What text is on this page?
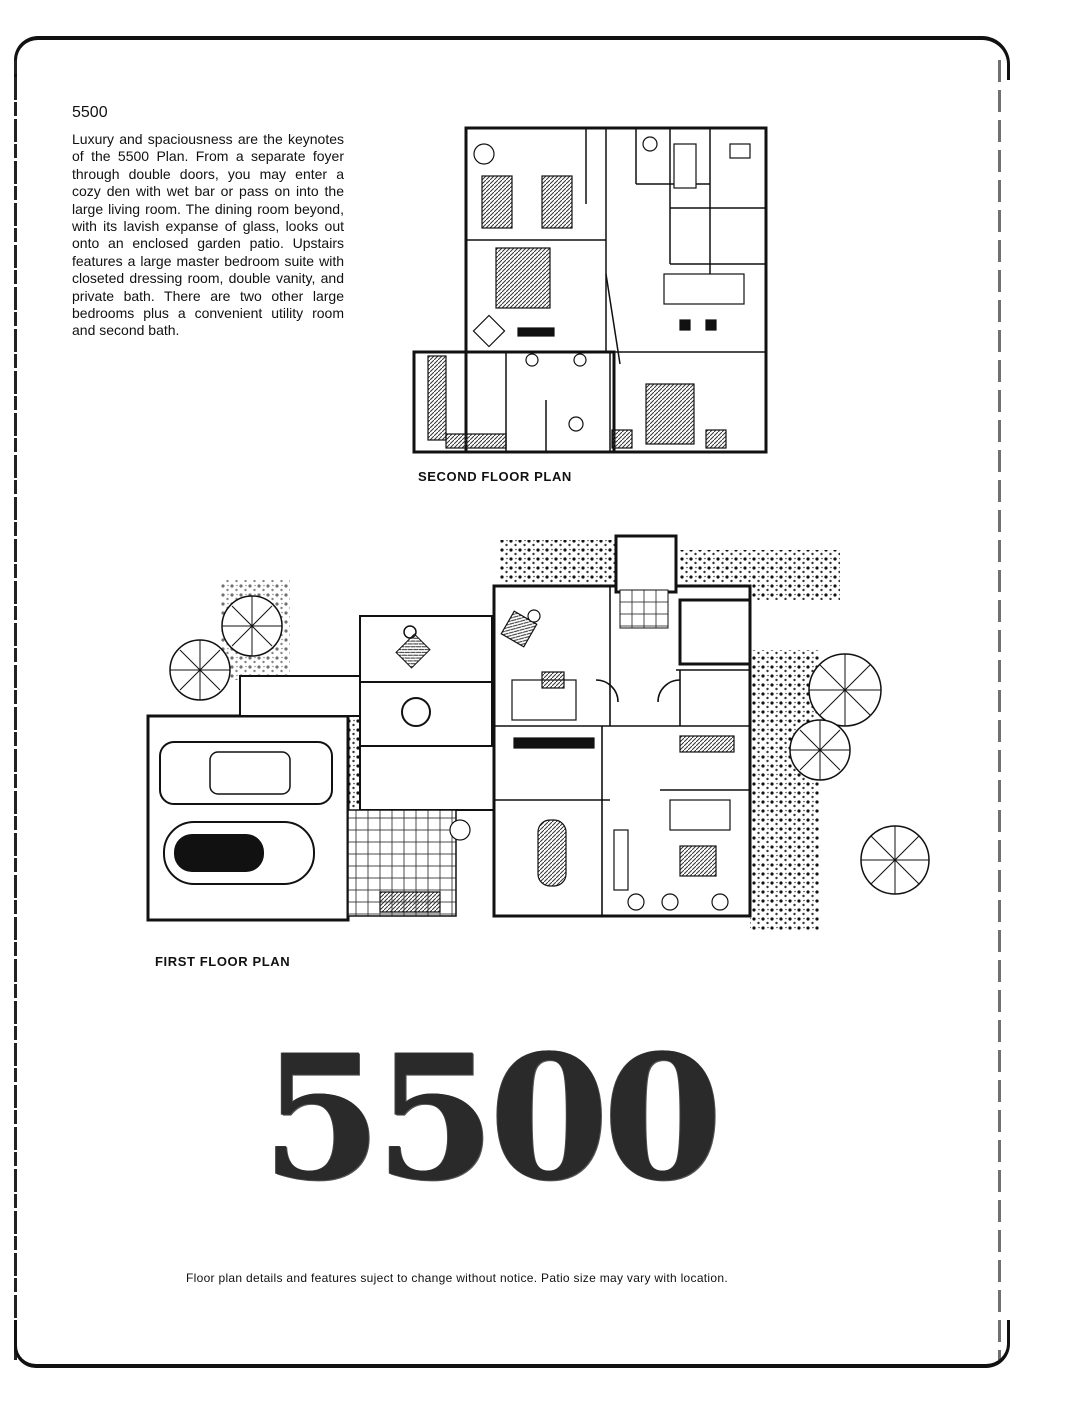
5500
Luxury and spaciousness are the keynotes of the 5500 Plan. From a separate foyer through double doors, you may enter a cozy den with wet bar or pass on into the large living room. The dining room beyond, with its lavish expanse of glass, looks out onto an enclosed garden patio. Upstairs features a large master bedroom suite with closeted dressing room, double vanity, and private bath. There are two other large bedrooms plus a convenient utility room and second bath.
SECOND FLOOR PLAN
FIRST FLOOR PLAN
5500
Floor plan details and features suject to change without notice. Patio size may vary with location.
